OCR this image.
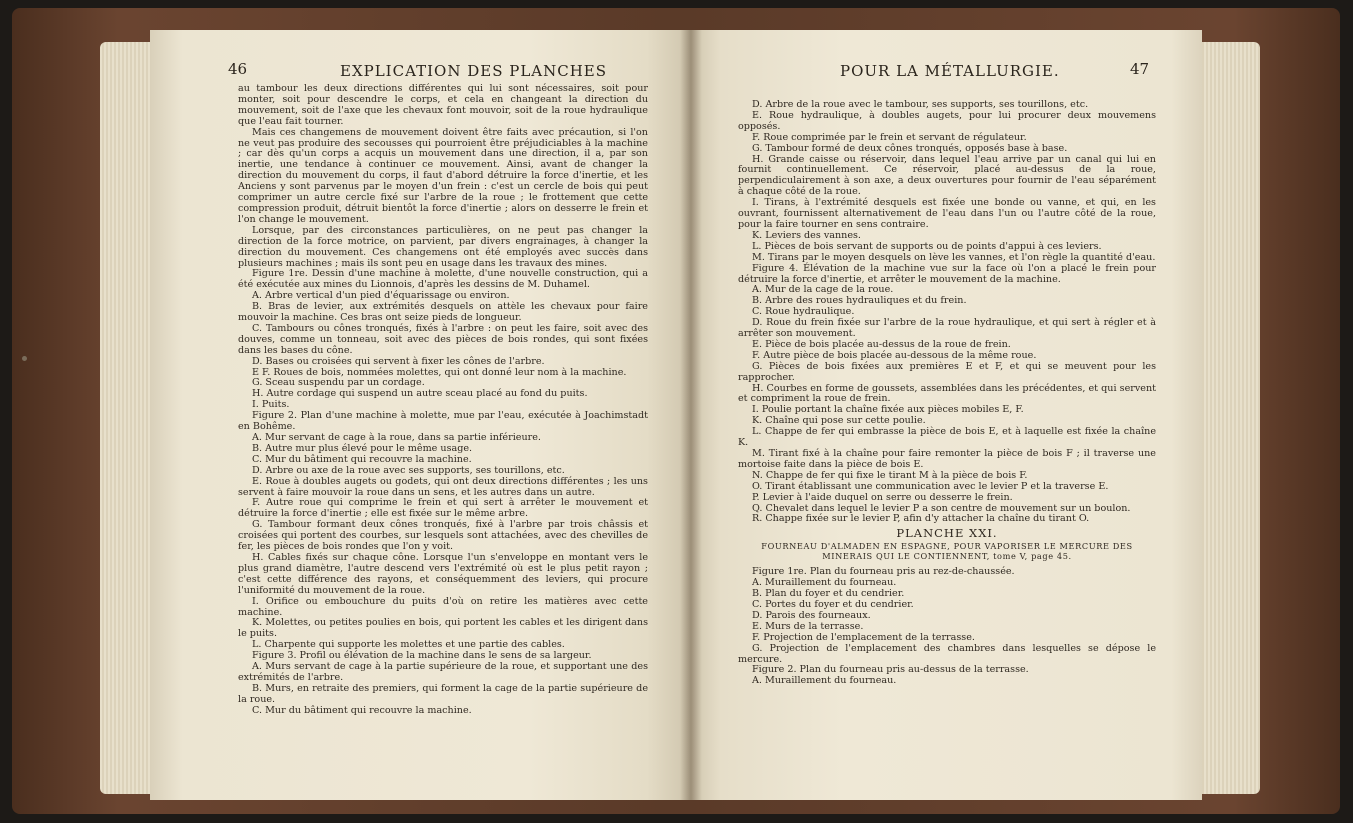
46	EXPLICATION DES PLANCHES

au tambour les deux directions différentes qui lui sont nécessaires, soit pour monter, soit pour descendre le corps, et cela en changeant la direction du mouvement, soit de l'axe que les chevaux font mouvoir, soit de la roue hydraulique que l'eau fait tourner.

Mais ces changemens de mouvement doivent être faits avec précaution, si l'on ne veut pas produire des secousses qui pourroient être préjudiciables à la machine ; car dès qu'un corps a acquis un mouvement dans une direction, il a, par son inertie, une tendance à continuer ce mouvement. Ainsi, avant de changer la direction du mouvement du corps, il faut d'abord détruire la force d'inertie, et les Anciens y sont parvenus par le moyen d'un frein : c'est un cercle de bois qui peut comprimer un autre cercle fixé sur l'arbre de la roue ; le frottement que cette compression produit, détruit bientôt la force d'inertie ; alors on desserre le frein et l'on change le mouvement.

Lorsque, par des circonstances particulières, on ne peut pas changer la direction de la force motrice, on parvient, par divers engrainages, à changer la direction du mouvement. Ces changemens ont été employés avec succès dans plusieurs machines ; mais ils sont peu en usage dans les travaux des mines.

Figure 1re. Dessin d'une machine à molette, d'une nouvelle construction, qui a été exécutée aux mines du Lionnois, d'après les dessins de M. Duhamel.

A. Arbre vertical d'un pied d'équarissage ou environ.

B. Bras de levier, aux extrémités desquels on attèle les chevaux pour faire mouvoir la machine. Ces bras ont seize pieds de longueur.

C. Tambours ou cônes tronqués, fixés à l'arbre : on peut les faire, soit avec des douves, comme un tonneau, soit avec des pièces de bois rondes, qui sont fixées dans les bases du cône.

D. Bases ou croisées qui servent à fixer les cônes de l'arbre.

E F. Roues de bois, nommées molettes, qui ont donné leur nom à la machine.

G. Sceau suspendu par un cordage.

H. Autre cordage qui suspend un autre sceau placé au fond du puits.

I. Puits.

Figure 2. Plan d'une machine à molette, mue par l'eau, exécutée à Joachimstadt en Bohême.

A. Mur servant de cage à la roue, dans sa partie inférieure.

B. Autre mur plus élevé pour le même usage.

C. Mur du bâtiment qui recouvre la machine.

D. Arbre ou axe de la roue avec ses supports, ses tourillons, etc.

E. Roue à doubles augets ou godets, qui ont deux directions différentes ; les uns servent à faire mouvoir la roue dans un sens, et les autres dans un autre.

F. Autre roue qui comprime le frein et qui sert à arrêter le mouvement et détruire la force d'inertie ; elle est fixée sur le même arbre.

G. Tambour formant deux cônes tronqués, fixé à l'arbre par trois châssis et croisées qui portent des courbes, sur lesquels sont attachées, avec des chevilles de fer, les pièces de bois rondes que l'on y voit.

H. Cables fixés sur chaque cône. Lorsque l'un s'enveloppe en montant vers le plus grand diamètre, l'autre descend vers l'extrémité où est le plus petit rayon ; c'est cette différence des rayons, et conséquemment des leviers, qui procure l'uniformité du mouvement de la roue.

I. Orifice ou embouchure du puits d'où on retire les matières avec cette machine.

K. Molettes, ou petites poulies en bois, qui portent les cables et les dirigent dans le puits.

L. Charpente qui supporte les molettes et une partie des cables.

Figure 3. Profil ou élévation de la machine dans le sens de sa largeur.

A. Murs servant de cage à la partie supérieure de la roue, et supportant une des extrémités de l'arbre.

B. Murs, en retraite des premiers, qui forment la cage de la partie supérieure de la roue.

C. Mur du bâtiment qui recouvre la machine.

POUR LA MÉTALLURGIE.	47

D. Arbre de la roue avec le tambour, ses supports, ses tourillons, etc.

E. Roue hydraulique, à doubles augets, pour lui procurer deux mouvemens opposés.

F. Roue comprimée par le frein et servant de régulateur.

G. Tambour formé de deux cônes tronqués, opposés base à base.

H. Grande caisse ou réservoir, dans lequel l'eau arrive par un canal qui lui en fournit continuellement. Ce réservoir, placé au-dessus de la roue, perpendiculairement à son axe, a deux ouvertures pour fournir de l'eau séparément à chaque côté de la roue.

I. Tirans, à l'extrémité desquels est fixée une bonde ou vanne, et qui, en les ouvrant, fournissent alternativement de l'eau dans l'un ou l'autre côté de la roue, pour la faire tourner en sens contraire.

K. Leviers des vannes.

L. Pièces de bois servant de supports ou de points d'appui à ces leviers.

M. Tirans par le moyen desquels on lève les vannes, et l'on règle la quantité d'eau.

Figure 4. Élévation de la machine vue sur la face où l'on a placé le frein pour détruire la force d'inertie, et arrêter le mouvement de la machine.

A. Mur de la cage de la roue.

B. Arbre des roues hydrauliques et du frein.

C. Roue hydraulique.

D. Roue du frein fixée sur l'arbre de la roue hydraulique, et qui sert à régler et à arrêter son mouvement.

E. Pièce de bois placée au-dessus de la roue de frein.

F. Autre pièce de bois placée au-dessous de la même roue.

G. Pièces de bois fixées aux premières E et F, et qui se meuvent pour les rapprocher.

H. Courbes en forme de goussets, assemblées dans les précédentes, et qui servent et compriment la roue de frein.

I. Poulie portant la chaîne fixée aux pièces mobiles E, F.

K. Chaîne qui pose sur cette poulie.

L. Chappe de fer qui embrasse la pièce de bois E, et à laquelle est fixée la chaîne K.

M. Tirant fixé à la chaîne pour faire remonter la pièce de bois F ; il traverse une mortoise faite dans la pièce de bois E.

N. Chappe de fer qui fixe le tirant M à la pièce de bois F.

O. Tirant établissant une communication avec le levier P et la traverse E.

P. Levier à l'aide duquel on serre ou desserre le frein.

Q. Chevalet dans lequel le levier P a son centre de mouvement sur un boulon.

R. Chappe fixée sur le levier P, afin d'y attacher la chaîne du tirant O.

PLANCHE XXI.
FOURNEAU D'ALMADEN EN ESPAGNE, POUR VAPORISER LE MERCURE DES MINERAIS QUI LE CONTIENNENT, tome V, page 45.

Figure 1re. Plan du fourneau pris au rez-de-chaussée.

A. Muraillement du fourneau.

B. Plan du foyer et du cendrier.

C. Portes du foyer et du cendrier.

D. Parois des fourneaux.

E. Murs de la terrasse.

F. Projection de l'emplacement de la terrasse.

G. Projection de l'emplacement des chambres dans lesquelles se dépose le mercure.

Figure 2. Plan du fourneau pris au-dessus de la terrasse.

A. Muraillement du fourneau.
